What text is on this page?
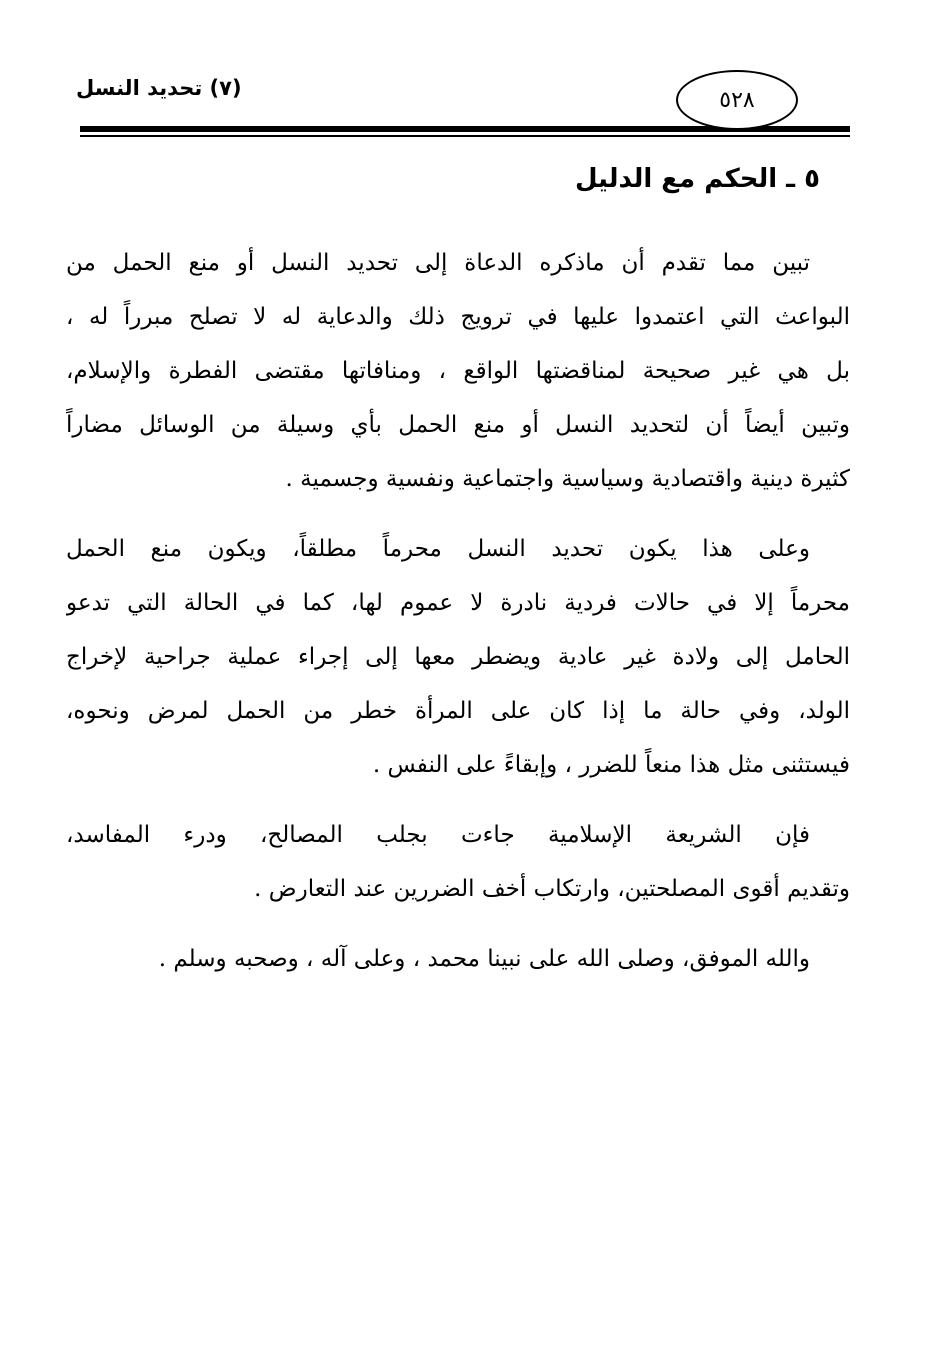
(٧) تحديد النسل	٥٢٨
٥ ـ الحكم مع الدليل
تبين مما تقدم أن ماذكره الدعاة إلى تحديد النسل أو منع الحمل من
البواعث التي اعتمدوا عليها في ترويج ذلك والدعاية له لا تصلح مبرراً له ،
بل هي غير صحيحة لمناقضتها الواقع ، ومنافاتها مقتضى الفطرة والإسلام،
وتبين أيضاً أن لتحديد النسل أو منع الحمل بأي وسيلة من الوسائل مضاراً
كثيرة دينية واقتصادية وسياسية واجتماعية ونفسية وجسمية .
وعلى هذا يكون تحديد النسل محرماً مطلقاً، ويكون منع الحمل
محرماً إلا في حالات فردية نادرة لا عموم لها، كما في الحالة التي تدعو
الحامل إلى ولادة غير عادية ويضطر معها إلى إجراء عملية جراحية لإخراج
الولد، وفي حالة ما إذا كان على المرأة خطر من الحمل لمرض ونحوه،
فيستثنى مثل هذا منعاً للضرر ، وإبقاءً على النفس .
فإن الشريعة الإسلامية جاءت بجلب المصالح، ودرء المفاسد،
وتقديم أقوى المصلحتين، وارتكاب أخف الضررين عند التعارض .
والله الموفق، وصلى الله على نبينا محمد ، وعلى آله ، وصحبه وسلم .
